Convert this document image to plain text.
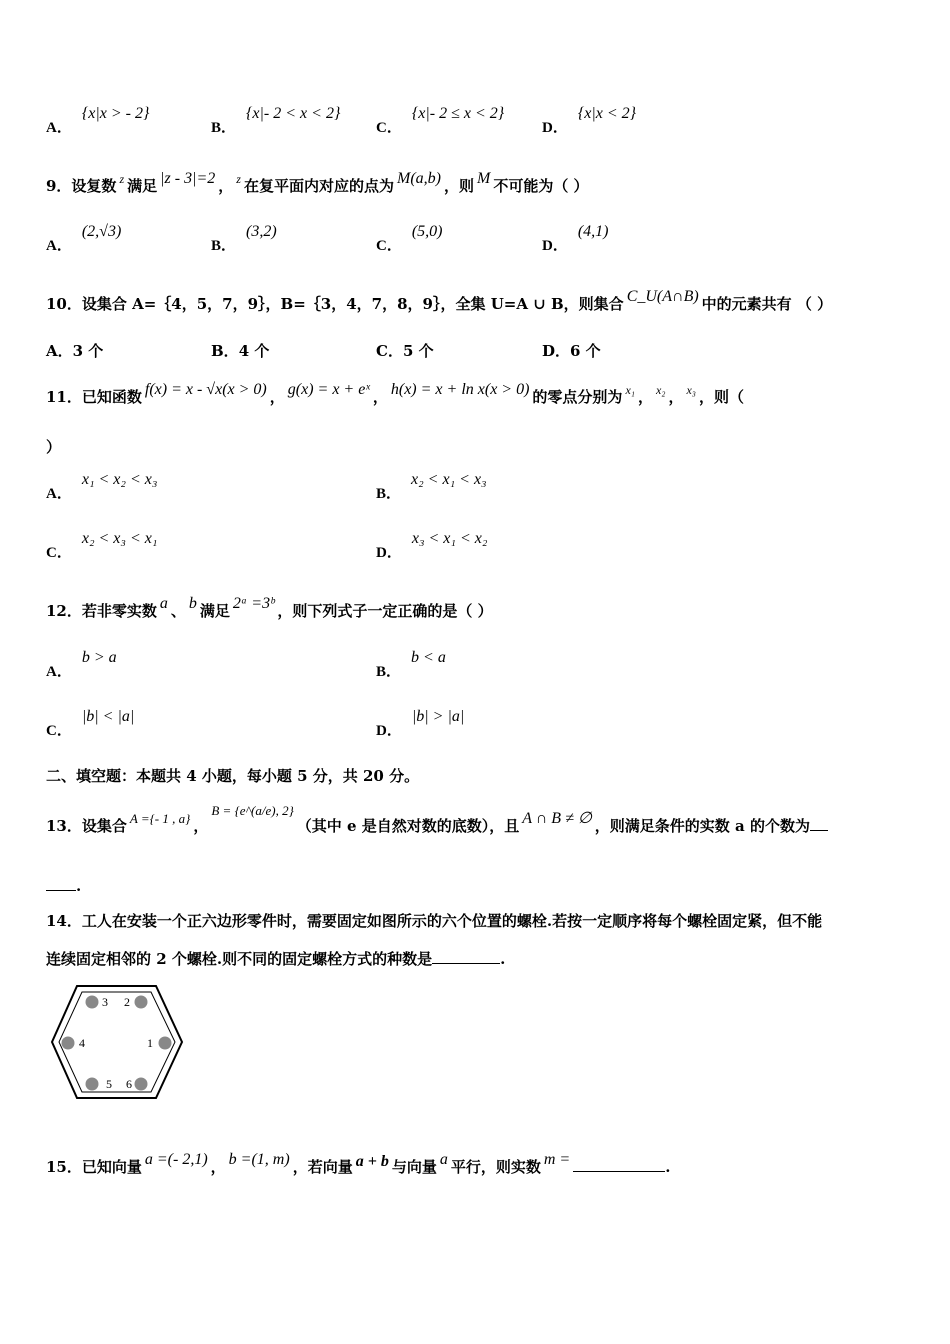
A．{x|x > - 2}
B．{x|- 2 < x < 2}
C．{x|- 2 ≤ x < 2}
D．{x|x < 2}
9．设复数 $^z$ 满足 |z - 3|=2 ， $^z$ 在复平面内对应的点为 M(a,b) ，则 M 不可能为（ ）
A．(2,√3)
B．(3,2)
C．(5,0)
D．(4,1)
10．设集合 A=｛4，5，7，9｝，B=｛3，4，7，8，9｝，全集 U=A ∪ B，则集合 C_U(A∩B) 中的元素共有 （ ）
A．3 个	B．4 个	C．5 个	D．6 个
11．已知函数 f(x) = x - √x(x > 0) ， g(x) = x + eˣ ， h(x) = x + ln x(x > 0) 的零点分别为 $^{x_1}$ ， $^{x_2}$ ， $^{x_3}$ ，则（
）
A．x₁ < x₂ < x₃
B．x₂ < x₁ < x₃
C．x₂ < x₃ < x₁
D．x₃ < x₁ < x₂
12．若非零实数 a 、 b 满足 2ᵃ =3ᵇ ，则下列式子一定正确的是（ ）
A．b > a
B．b < a
C．|b| < |a|
D．|b| > |a|
二、填空题：本题共 4 小题，每小题 5 分，共 20 分。
13．设集合 A ={- 1 , a} ，B = {e^(a/e), 2}（其中 e 是自然对数的底数），且 A ∩ B ≠ ∅ ，则满足条件的实数 a 的个数为
.
14．工人在安装一个正六边形零件时，需要固定如图所示的六个位置的螺栓.若按一定顺序将每个螺栓固定紧，但不能
连续固定相邻的 2 个螺栓.则不同的固定螺栓方式的种数是	.
3 2
4	1
5 6
15．已知向量 a =(- 2,1) ， b =(1, m) ，若向量 a + b 与向量 a 平行，则实数 m =	.
